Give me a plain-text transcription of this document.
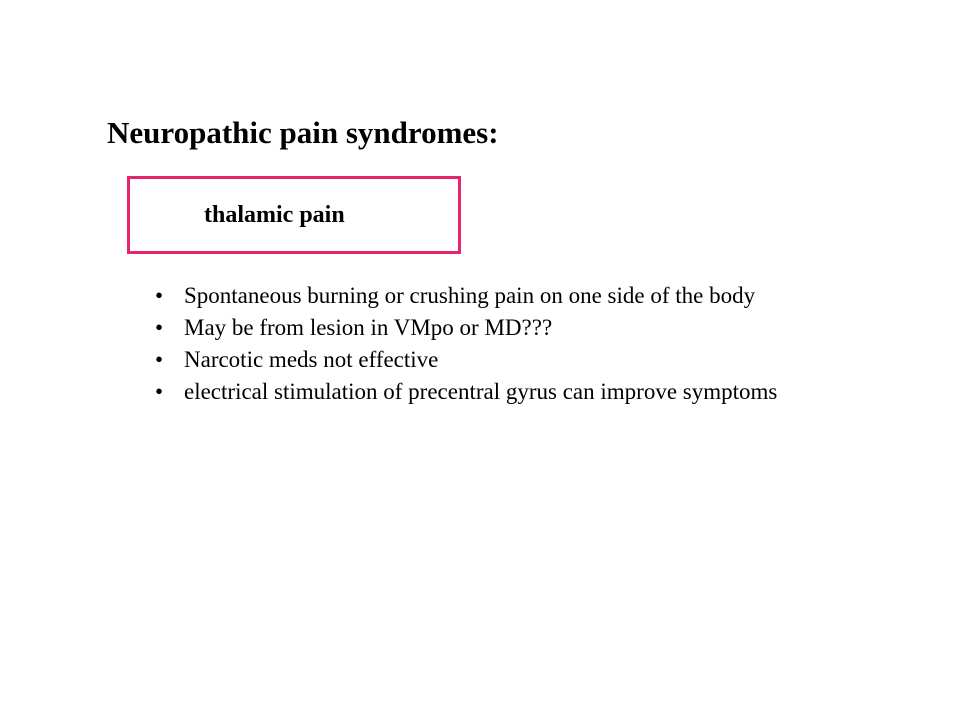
Neuropathic pain syndromes:
thalamic pain
• Spontaneous burning or crushing pain on one side of the body
• May be from lesion in VMpo or MD???
• Narcotic meds not effective
• electrical stimulation of precentral gyrus can improve symptoms
